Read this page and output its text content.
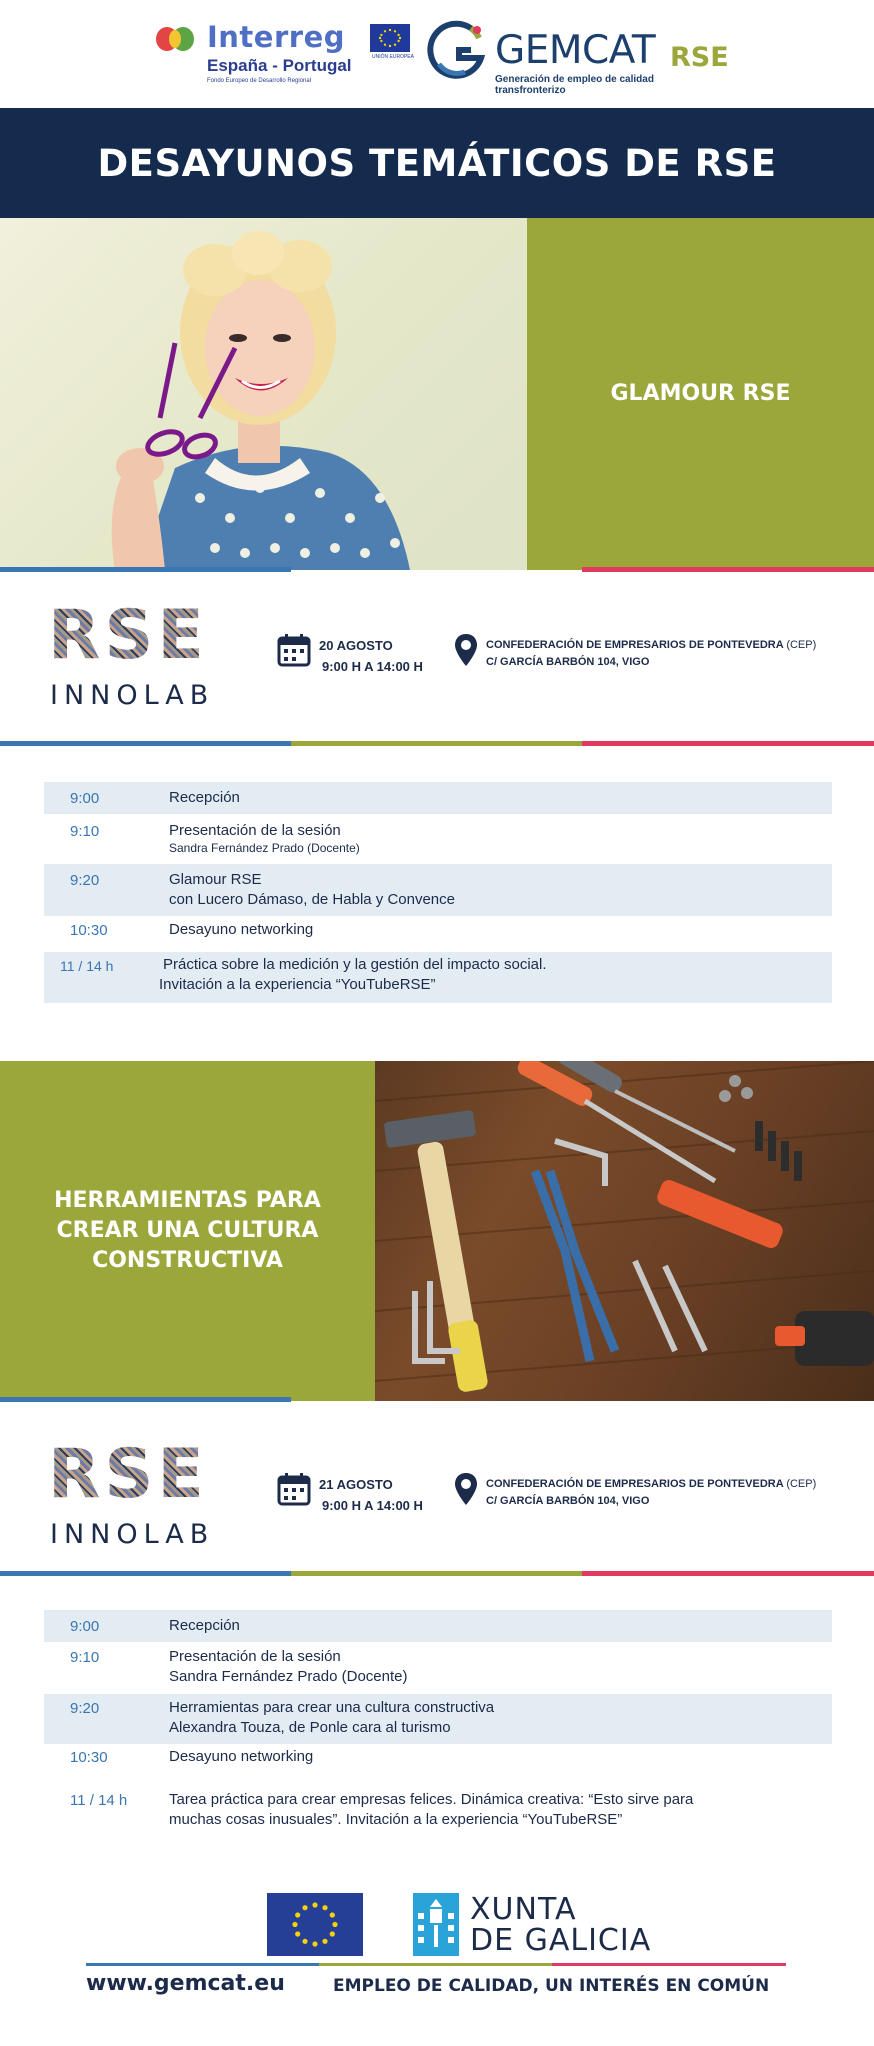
Interreg
España - Portugal
Fondo Europeo de Desarrollo Regional
UNIÓN EUROPEA GEMCAT RSE
Generación de empleo de calidad transfronterizo
DESAYUNOS TEMÁTICOS DE RSE
GLAMOUR RSE
RSE
INNOLAB
20 AGOSTO
9:00 H A 14:00 H
CONFEDERACIÓN DE EMPRESARIOS DE PONTEVEDRA (CEP)
C/ GARCÍA BARBÓN 104, VIGO
9:00	Recepción
9:10	Presentación de la sesión
Sandra Fernández Prado (Docente)
9:20	Glamour RSE
con Lucero Dámaso, de Habla y Convence
10:30	Desayuno networking
11 / 14 h	Práctica sobre la medición y la gestión del impacto social.
Invitación a la experiencia “YouTubeRSE”
HERRAMIENTAS PARA
CREAR UNA CULTURA
CONSTRUCTIVA
RSE
INNOLAB
21 AGOSTO
9:00 H A 14:00 H
CONFEDERACIÓN DE EMPRESARIOS DE PONTEVEDRA (CEP)
C/ GARCÍA BARBÓN 104, VIGO
9:00	Recepción
9:10	Presentación de la sesión
Sandra Fernández Prado (Docente)
9:20	Herramientas para crear una cultura constructiva
Alexandra Touza, de Ponle cara al turismo
10:30	Desayuno networking
11 / 14 h	Tarea práctica para crear empresas felices. Dinámica creativa: “Esto sirve para
muchas cosas inusuales”. Invitación a la experiencia “YouTubeRSE”
XUNTA
DE GALICIA
www.gemcat.eu	EMPLEO DE CALIDAD, UN INTERÉS EN COMÚN
